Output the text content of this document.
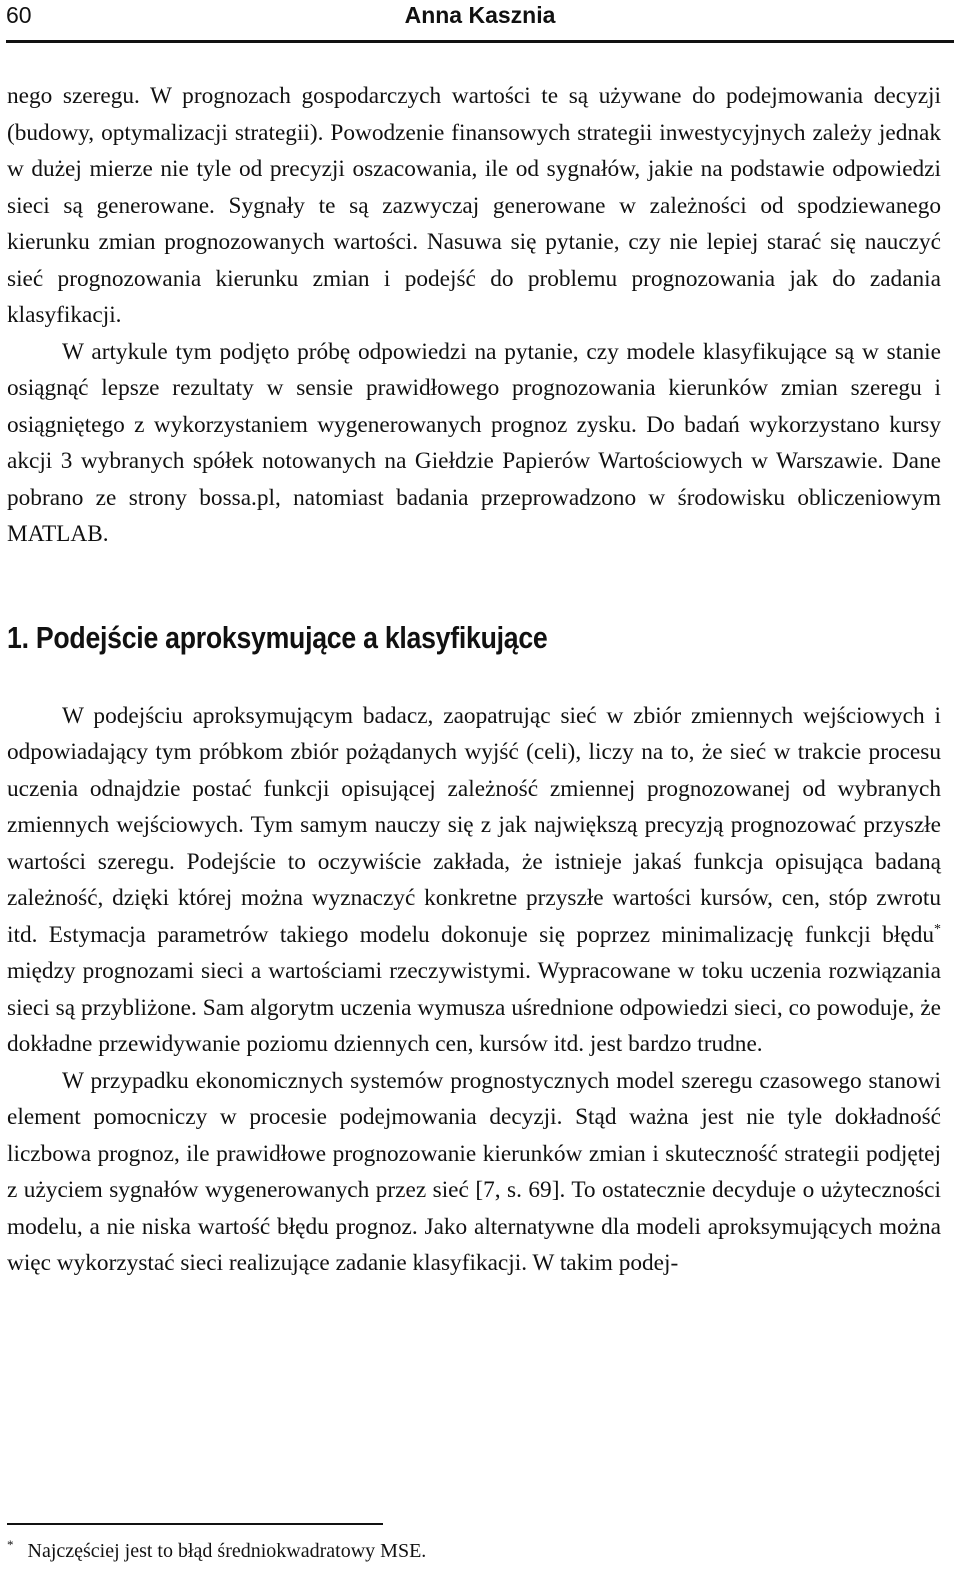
60	Anna Kasznia

nego szeregu. W prognozach gospodarczych wartości te są używane do podejmowania decyzji (budowy, optymalizacji strategii). Powodzenie finansowych strategii inwestycyjnych zależy jednak w dużej mierze nie tyle od precyzji oszacowania, ile od sygnałów, jakie na podstawie odpowiedzi sieci są generowane. Sygnały te są zazwyczaj generowane w zależności od spodziewanego kierunku zmian prognozowanych wartości. Nasuwa się pytanie, czy nie lepiej starać się nauczyć sieć prognozowania kierunku zmian i podejść do problemu prognozowania jak do zadania klasyfikacji.

W artykule tym podjęto próbę odpowiedzi na pytanie, czy modele klasyfikujące są w stanie osiągnąć lepsze rezultaty w sensie prawidłowego prognozowania kierunków zmian szeregu i osiągniętego z wykorzystaniem wygenerowanych prognoz zysku. Do badań wykorzystano kursy akcji 3 wybranych spółek notowanych na Giełdzie Papierów Wartościowych w Warszawie. Dane pobrano ze strony bossa.pl, natomiast badania przeprowadzono w środowisku obliczeniowym MATLAB.

1. Podejście aproksymujące a klasyfikujące

W podejściu aproksymującym badacz, zaopatrując sieć w zbiór zmiennych wejściowych i odpowiadający tym próbkom zbiór pożądanych wyjść (celi), liczy na to, że sieć w trakcie procesu uczenia odnajdzie postać funkcji opisującej zależność zmiennej prognozowanej od wybranych zmiennych wejściowych. Tym samym nauczy się z jak największą precyzją prognozować przyszłe wartości szeregu. Podejście to oczywiście zakłada, że istnieje jakaś funkcja opisująca badaną zależność, dzięki której można wyznaczyć konkretne przyszłe wartości kursów, cen, stóp zwrotu itd. Estymacja parametrów takiego modelu dokonuje się poprzez minimalizację funkcji błędu* między prognozami sieci a wartościami rzeczywistymi. Wypracowane w toku uczenia rozwiązania sieci są przybliżone. Sam algorytm uczenia wymusza uśrednione odpowiedzi sieci, co powoduje, że dokładne przewidywanie poziomu dziennych cen, kursów itd. jest bardzo trudne.

W przypadku ekonomicznych systemów prognostycznych model szeregu czasowego stanowi element pomocniczy w procesie podejmowania decyzji. Stąd ważna jest nie tyle dokładność liczbowa prognoz, ile prawidłowe prognozowanie kierunków zmian i skuteczność strategii podjętej z użyciem sygnałów wygenerowanych przez sieć [7, s. 69]. To ostatecznie decyduje o użyteczności modelu, a nie niska wartość błędu prognoz. Jako alternatywne dla modeli aproksymujących można więc wykorzystać sieci realizujące zadanie klasyfikacji. W takim podej-

* Najczęściej jest to błąd średniokwadratowy MSE.
